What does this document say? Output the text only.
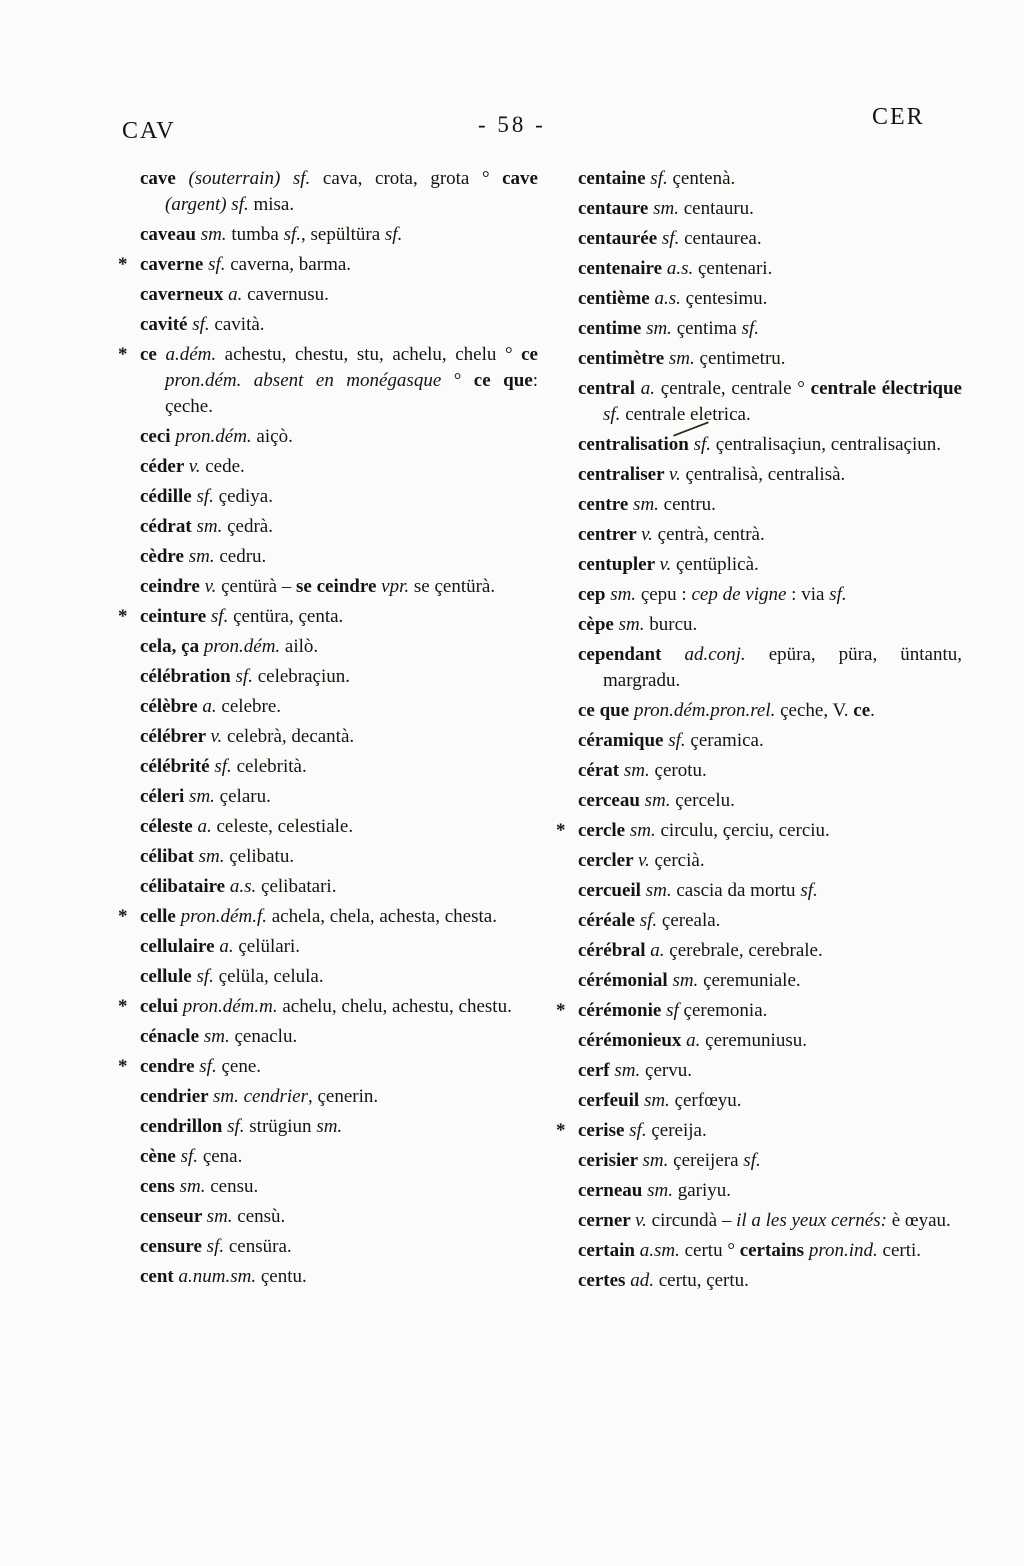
CAV	- 58 -	CER
cave (souterrain) sf. cava, crota, grota ° cave (argent) sf. misa.
caveau sm. tumba sf., sepültüra sf.
* caverne sf. caverna, barma.
caverneux a. cavernusu.
cavité sf. cavità.
* ce a.dém. achestu, chestu, stu, achelu, chelu ° ce pron.dém. absent en monégasque ° ce que: çeche.
ceci pron.dém. aiçò.
céder v. cede.
cédille sf. çediya.
cédrat sm. çedrà.
cèdre sm. cedru.
ceindre v. çentürà – se ceindre vpr. se çentürà.
* ceinture sf. çentüra, çenta.
cela, ça pron.dém. ailò.
célébration sf. celebraçiun.
célèbre a. celebre.
célébrer v. celebrà, decantà.
célébrité sf. celebrità.
céleri sm. çelaru.
céleste a. celeste, celestiale.
célibat sm. çelibatu.
célibataire a.s. çelibatari.
* celle pron.dém.f. achela, chela, achesta, chesta.
cellulaire a. çelülari.
cellule sf. çelüla, celula.
* celui pron.dém.m. achelu, chelu, achestu, chestu.
cénacle sm. çenaclu.
* cendre sf. çene.
cendrier sm. cendrier, çenerin.
cendrillon sf. strügiun sm.
cène sf. çena.
cens sm. censu.
censeur sm. censù.
censure sf. censüra.
cent a.num.sm. çentu.
centaine sf. çentenà.
centaure sm. centauru.
centaurée sf. centaurea.
centenaire a.s. çentenari.
centième a.s. çentesimu.
centime sm. çentima sf.
centimètre sm. çentimetru.
central a. çentrale, centrale ° centrale électrique sf. centrale eletrica.
centralisation sf. çentralisaçiun, centralisaçiun.
centraliser v. çentralisà, centralisà.
centre sm. centru.
centrer v. çentrà, centrà.
centupler v. çentüplicà.
cep sm. çepu : cep de vigne : via sf.
cèpe sm. burcu.
cependant ad.conj. epüra, püra, üntantu, margradu.
ce que pron.dém.pron.rel. çeche, V. ce.
céramique sf. çeramica.
cérat sm. çerotu.
cerceau sm. çercelu.
* cercle sm. circulu, çerciu, cerciu.
cercler v. çercià.
cercueil sm. cascia da mortu sf.
céréale sf. çereala.
cérébral a. çerebrale, cerebrale.
cérémonial sm. çeremuniale.
* cérémonie sf çeremonia.
cérémonieux a. çeremuniusu.
cerf sm. çervu.
cerfeuil sm. çerfœyu.
* cerise sf. çereija.
cerisier sm. çereijera sf.
cerneau sm. gariyu.
cerner v. circundà – il a les yeux cernés: è œyau.
certain a.sm. certu ° certains pron.ind. certi.
certes ad. certu, çertu.
